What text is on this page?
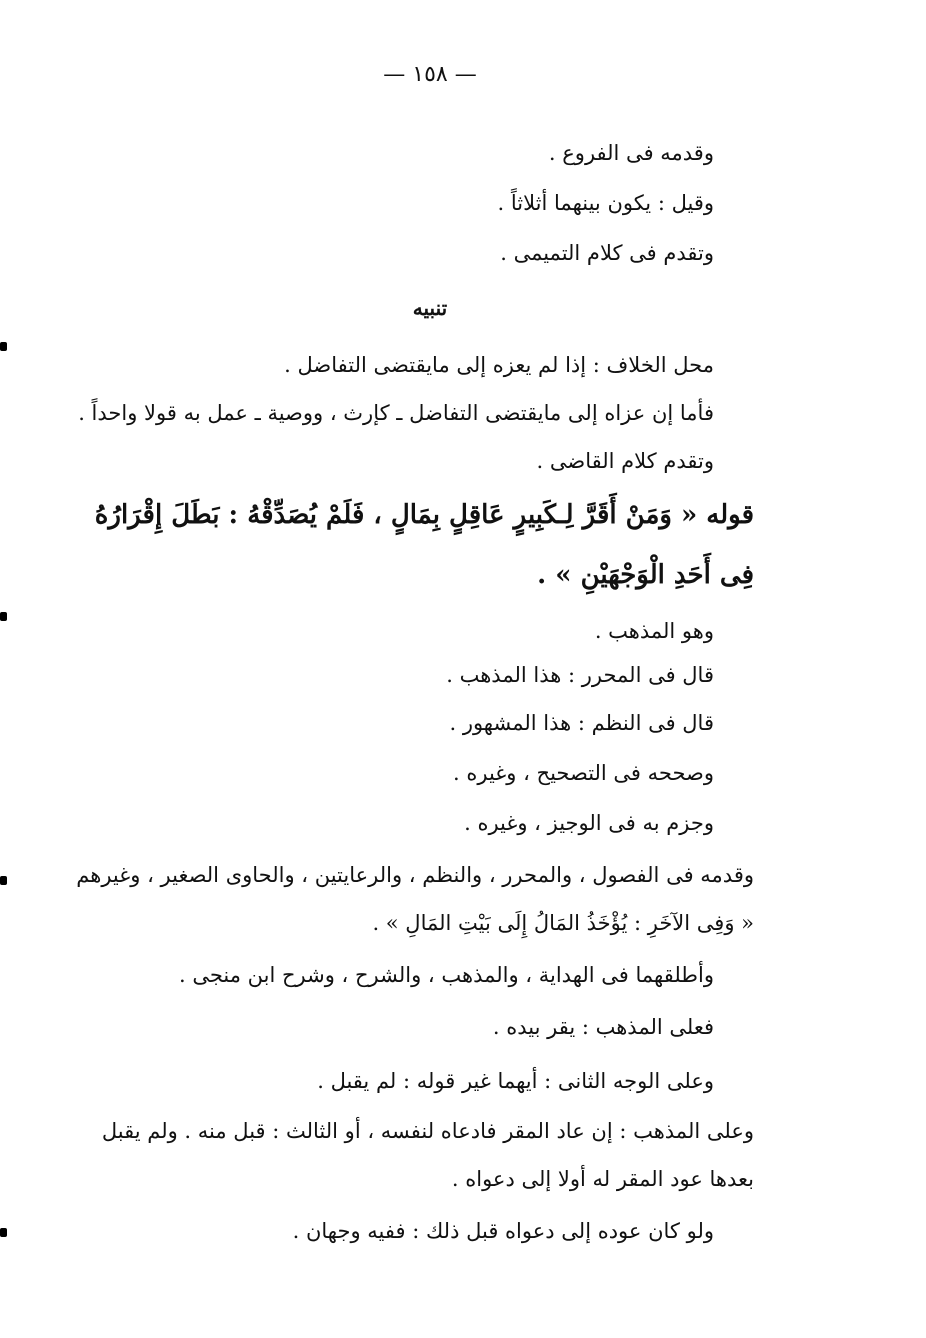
— ١٥٨ —
وقدمه فى الفروع .
وقيل : يكون بينهما أثلاثاً .
وتقدم فى كلام التميمى .
تنبيه
محل الخلاف : إذا لم يعزه إلى مايقتضى التفاضل .
فأما إن عزاه إلى مايقتضى التفاضل ـ كإرث ، ووصية ـ عمل به قولا واحداً .
وتقدم كلام القاضى .
قوله « وَمَنْ أَقَرَّ لِـكَبِيرٍ عَاقِلٍ بِمَالٍ ، فَلَمْ يُصَدِّقْهُ : بَطَلَ إِقْرَارُهُ
فِى أَحَدِ الْوَجْهَيْنِ » .
وهو المذهب .
قال فى المحرر : هذا المذهب .
قال فى النظم : هذا المشهور .
وصححه فى التصحيح ، وغيره .
وجزم به فى الوجيز ، وغيره .
وقدمه فى الفصول ، والمحرر ، والنظم ، والرعايتين ، والحاوى الصغير ، وغيرهم
« وَفِى الآخَرِ : يُؤْخَذُ المَالُ إِلَى بَيْتِ المَالِ » .
وأطلقهما فى الهداية ، والمذهب ، والشرح ، وشرح ابن منجى .
فعلى المذهب : يقر بيده .
وعلى الوجه الثانى : أيهما غير قوله : لم يقبل .
وعلى المذهب : إن عاد المقر فادعاه لنفسه ، أو الثالث : قبل منه . ولم يقبل
بعدها عود المقر له أولا إلى دعواه .
ولو كان عوده إلى دعواه قبل ذلك : ففيه وجهان .
